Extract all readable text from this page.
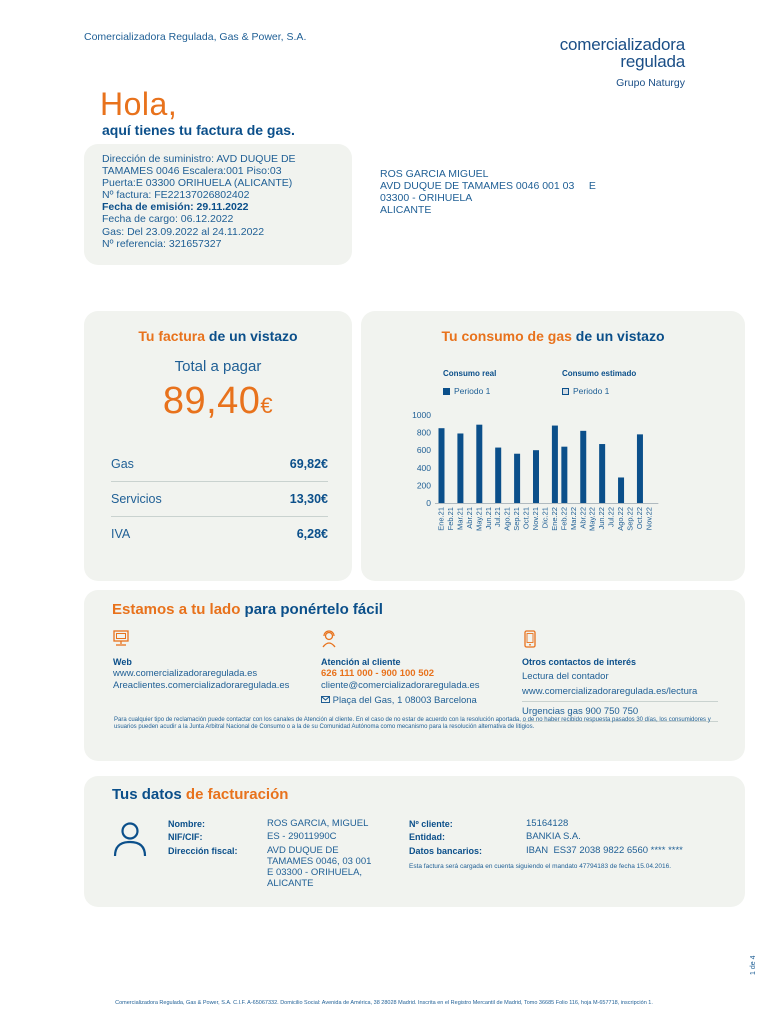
Comercializadora Regulada, Gas & Power, S.A.	comercializadora
regulada
Grupo Naturgy
Hola,
aquí tienes tu factura de gas.
Dirección de suministro: AVD DUQUE DE
TAMAMES 0046 Escalera:001 Piso:03
Puerta:E 03300 ORIHUELA (ALICANTE)
Nº factura: FE22137026802402
Fecha de emisión: 29.11.2022
Fecha de cargo: 06.12.2022
Gas: Del 23.09.2022 al 24.11.2022
Nº referencia: 321657327
ROS GARCIA MIGUEL
AVD DUQUE DE TAMAMES 0046 001 03     E
03300 - ORIHUELA
ALICANTE
Tu factura de un vistazo
Total a pagar
89,40€
Gas	69,82€
Servicios	13,30€
IVA	6,28€
Tu consumo de gas de un vistazo
Consumo real	Consumo estimado
Periodo 1	Periodo 1
1000
800
600
400
200
0
Ene.21 Feb.21 Mar.21 Abr.21 May.21 Jun.21 Jul.21 Ago.21 Sep.21 Oct.21 Nov.21 Dic.21 Ene.22 Feb.22 Mar.22 Abr.22 May.22 Jun.22 Jul.22 Ago.22 Sep.22 Oct.22 Nov.22
Estamos a tu lado para ponértelo fácil
Web
www.comercializadoraregulada.es
Areaclientes.comercializadoraregulada.es
Atención al cliente
626 111 000 - 900 100 502
cliente@comercializadoraregulada.es
Plaça del Gas, 1 08003 Barcelona
Otros contactos de interés
Lectura del contador
www.comercializadoraregulada.es/lectura
Urgencias gas 900 750 750
Para cualquier tipo de reclamación puede contactar con los canales de Atención al cliente. En el caso de no estar de acuerdo con la resolución aportada, o de no haber recibido respuesta pasados 30 días, los consumidores y usuarios pueden acudir a la Junta Arbitral Nacional de Consumo o a la de su Comunidad Autónoma como mecanismo para la resolución alternativa de litigios.
Tus datos de facturación
Nombre:	ROS GARCIA, MIGUEL
NIF/CIF:	ES - 29011990C
Dirección fiscal:	AVD DUQUE DE
TAMAMES 0046, 03 001
E 03300 - ORIHUELA,
ALICANTE
Nº cliente:	15164128
Entidad:	BANKIA S.A.
Datos bancarios:	IBAN  ES37 2038 9822 6560 **** ****
Esta factura será cargada en cuenta siguiendo el mandato 47794183 de fecha 15.04.2016.
Comercializadora Regulada, Gas & Power, S.A. C.I.F. A-65067332. Domicilio Social: Avenida de América, 38 28028 Madrid. Inscrita en el Registro Mercantil de Madrid, Tomo 36685 Folio 116, hoja M-657718, inscripción 1.
1 de 4
